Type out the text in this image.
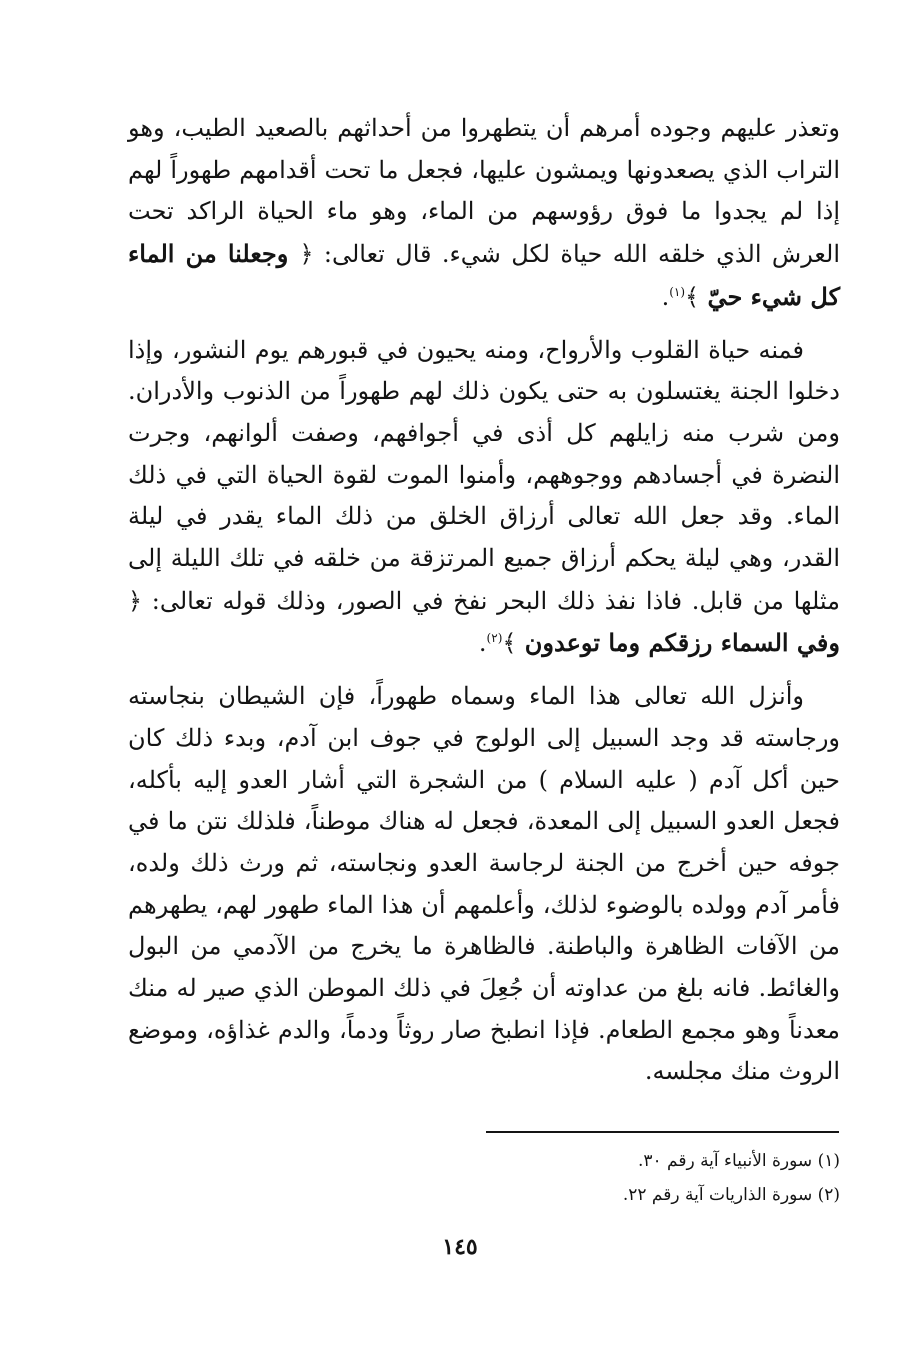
وتعذر عليهم وجوده أمرهم أن يتطهروا من أحداثهم بالصعيد الطيب، وهو التراب الذي يصعدونها ويمشون عليها، فجعل ما تحت أقدامهم طهوراً لهم إذا لم يجدوا ما فوق رؤوسهم من الماء، وهو ماء الحياة الراكد تحت العرش الذي خلقه الله حياة لكل شيء. قال تعالى: ﴿ وجعلنا من الماء كل شيء حيّ ﴾$^{(١)}$.

فمنه حياة القلوب والأرواح، ومنه يحيون في قبورهم يوم النشور، وإذا دخلوا الجنة يغتسلون به حتى يكون ذلك لهم طهوراً من الذنوب والأدران. ومن شرب منه زايلهم كل أذى في أجوافهم، وصفت ألوانهم، وجرت النضرة في أجسادهم ووجوههم، وأمنوا الموت لقوة الحياة التي في ذلك الماء. وقد جعل الله تعالى أرزاق الخلق من ذلك الماء يقدر في ليلة القدر، وهي ليلة يحكم أرزاق جميع المرتزقة من خلقه في تلك الليلة إلى مثلها من قابل. فاذا نفذ ذلك البحر نفخ في الصور، وذلك قوله تعالى: ﴿ وفي السماء رزقكم وما توعدون ﴾$^{(٢)}$.

وأنزل الله تعالى هذا الماء وسماه طهوراً، فإن الشيطان بنجاسته ورجاسته قد وجد السبيل إلى الولوج في جوف ابن آدم، وبدء ذلك كان حين أكل آدم ( عليه السلام ) من الشجرة التي أشار العدو إليه بأكله، فجعل العدو السبيل إلى المعدة، فجعل له هناك موطناً، فلذلك نتن ما في جوفه حين أخرج من الجنة لرجاسة العدو ونجاسته، ثم ورث ذلك ولده، فأمر آدم وولده بالوضوء لذلك، وأعلمهم أن هذا الماء طهور لهم، يطهرهم من الآفات الظاهرة والباطنة. فالظاهرة ما يخرج من الآدمي من البول والغائط. فانه بلغ من عداوته أن جُعِلَ في ذلك الموطن الذي صير له منك معدناً وهو مجمع الطعام. فإذا انطبخ صار روثاً ودماً، والدم غذاؤه، وموضع الروث منك مجلسه.

(١) سورة الأنبياء آية رقم ٣٠.
(٢) سورة الذاريات آية رقم ٢٢.
١٤٥
